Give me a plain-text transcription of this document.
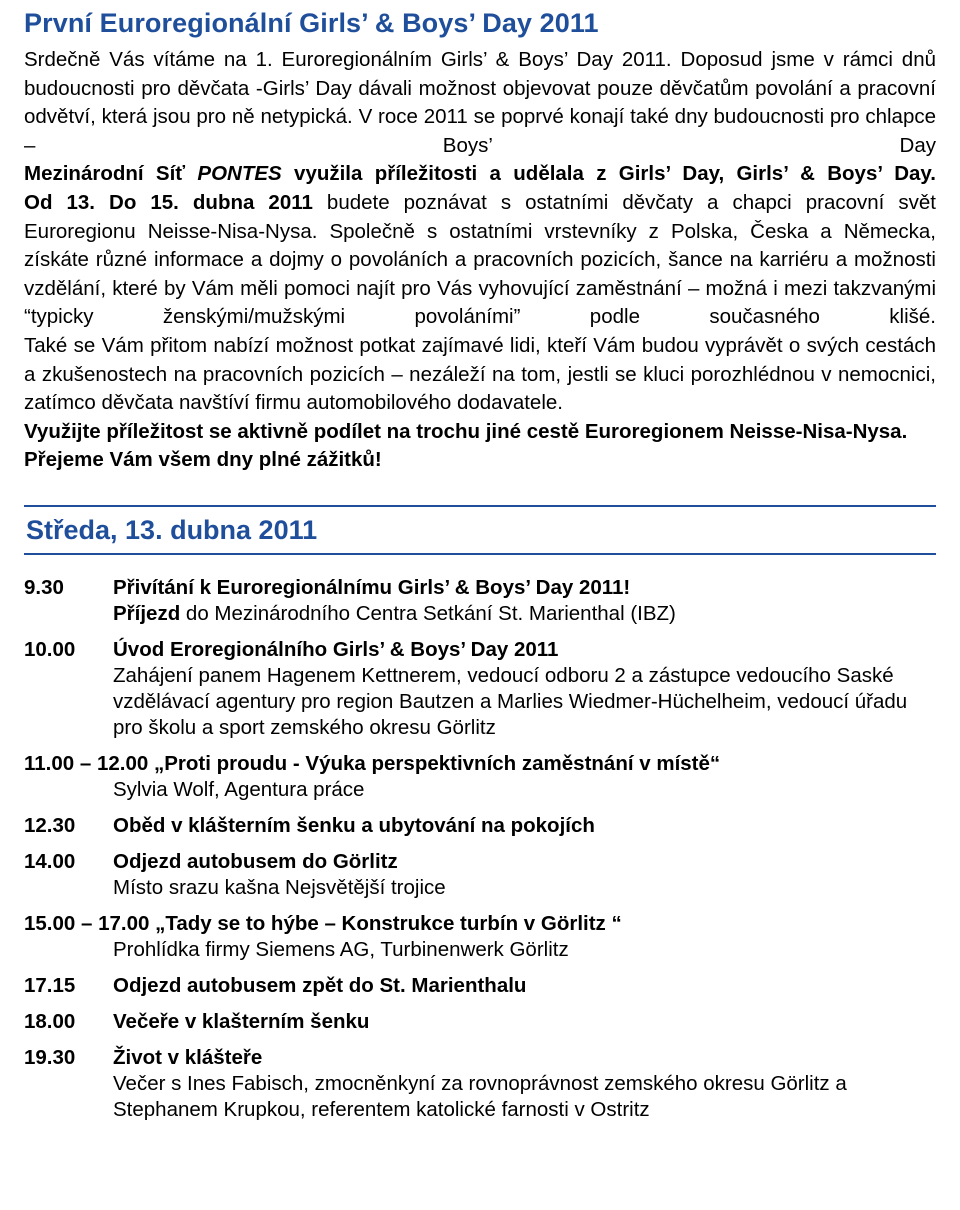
První Euroregionální Girls’ & Boys’ Day 2011

Srdečně Vás vítáme na 1. Euroregionálním Girls’ & Boys’ Day 2011. Doposud jsme v rámci dnů budoucnosti pro děvčata -Girls’ Day dávali možnost objevovat pouze děvčatům povolání a pracovní odvětví, která jsou pro ně netypická. V roce 2011 se poprvé konají také dny budoucnosti pro chlapce – Boys’ Day

Mezinárodní Síť PONTES využila příležitosti a udělala z Girls’ Day, Girls’ & Boys’ Day.

Od 13. Do 15. dubna 2011 budete poznávat s ostatními děvčaty a chapci pracovní svět Euroregionu Neisse-Nisa-Nysa. Společně s ostatními vrstevníky z Polska, Česka a Německa, získáte různé informace a dojmy o povoláních a pracovních pozicích, šance na karriéru a možnosti vzdělání, které by Vám měli pomoci najít pro Vás vyhovující zaměstnání – možná i mezi takzvanými “typicky ženskými/mužskými povoláními” podle současného klišé.

Také se Vám přitom nabízí možnost potkat zajímavé lidi, kteří Vám budou vyprávět o svých cestách a zkušenostech na pracovních pozicích – nezáleží na tom, jestli se kluci porozhlédnou v nemocnici, zatímco děvčata navštíví firmu automobilového dodavatele.

Využijte příležitost se aktivně podílet na trochu jiné cestě Euroregionem Neisse-Nisa-Nysa. Přejeme Vám všem dny plné zážitků!

Středa, 13. dubna 2011
9.30	Přivítání k Euroregionálnímu Girls’ & Boys’ Day 2011!
Příjezd do Mezinárodního Centra Setkání St. Marienthal (IBZ)
10.00	Úvod Eroregionálního Girls’ & Boys’ Day 2011
Zahájení panem Hagenem Kettnerem, vedoucí odboru 2 a zástupce vedoucího Saské vzdělávací agentury pro region Bautzen a Marlies Wiedmer-Hüchelheim, vedoucí úřadu pro školu a sport zemského okresu Görlitz
11.00 – 12.00 „Proti proudu - Výuka perspektivních zaměstnání v místě“
Sylvia Wolf, Agentura práce
12.30	Oběd v klášterním šenku a ubytování na pokojích
14.00	Odjezd autobusem do Görlitz
Místo srazu kašna Nejsvětější trojice
15.00 – 17.00 „Tady se to hýbe – Konstrukce turbín v Görlitz “
Prohlídka firmy Siemens AG, Turbinenwerk Görlitz
17.15	Odjezd autobusem zpět do St. Marienthalu
18.00	Večeře v klašterním šenku
19.30	Život v klášteře
Večer s Ines Fabisch, zmocněnkyní za rovnoprávnost zemského okresu Görlitz a Stephanem Krupkou, referentem katolické farnosti v Ostritz
